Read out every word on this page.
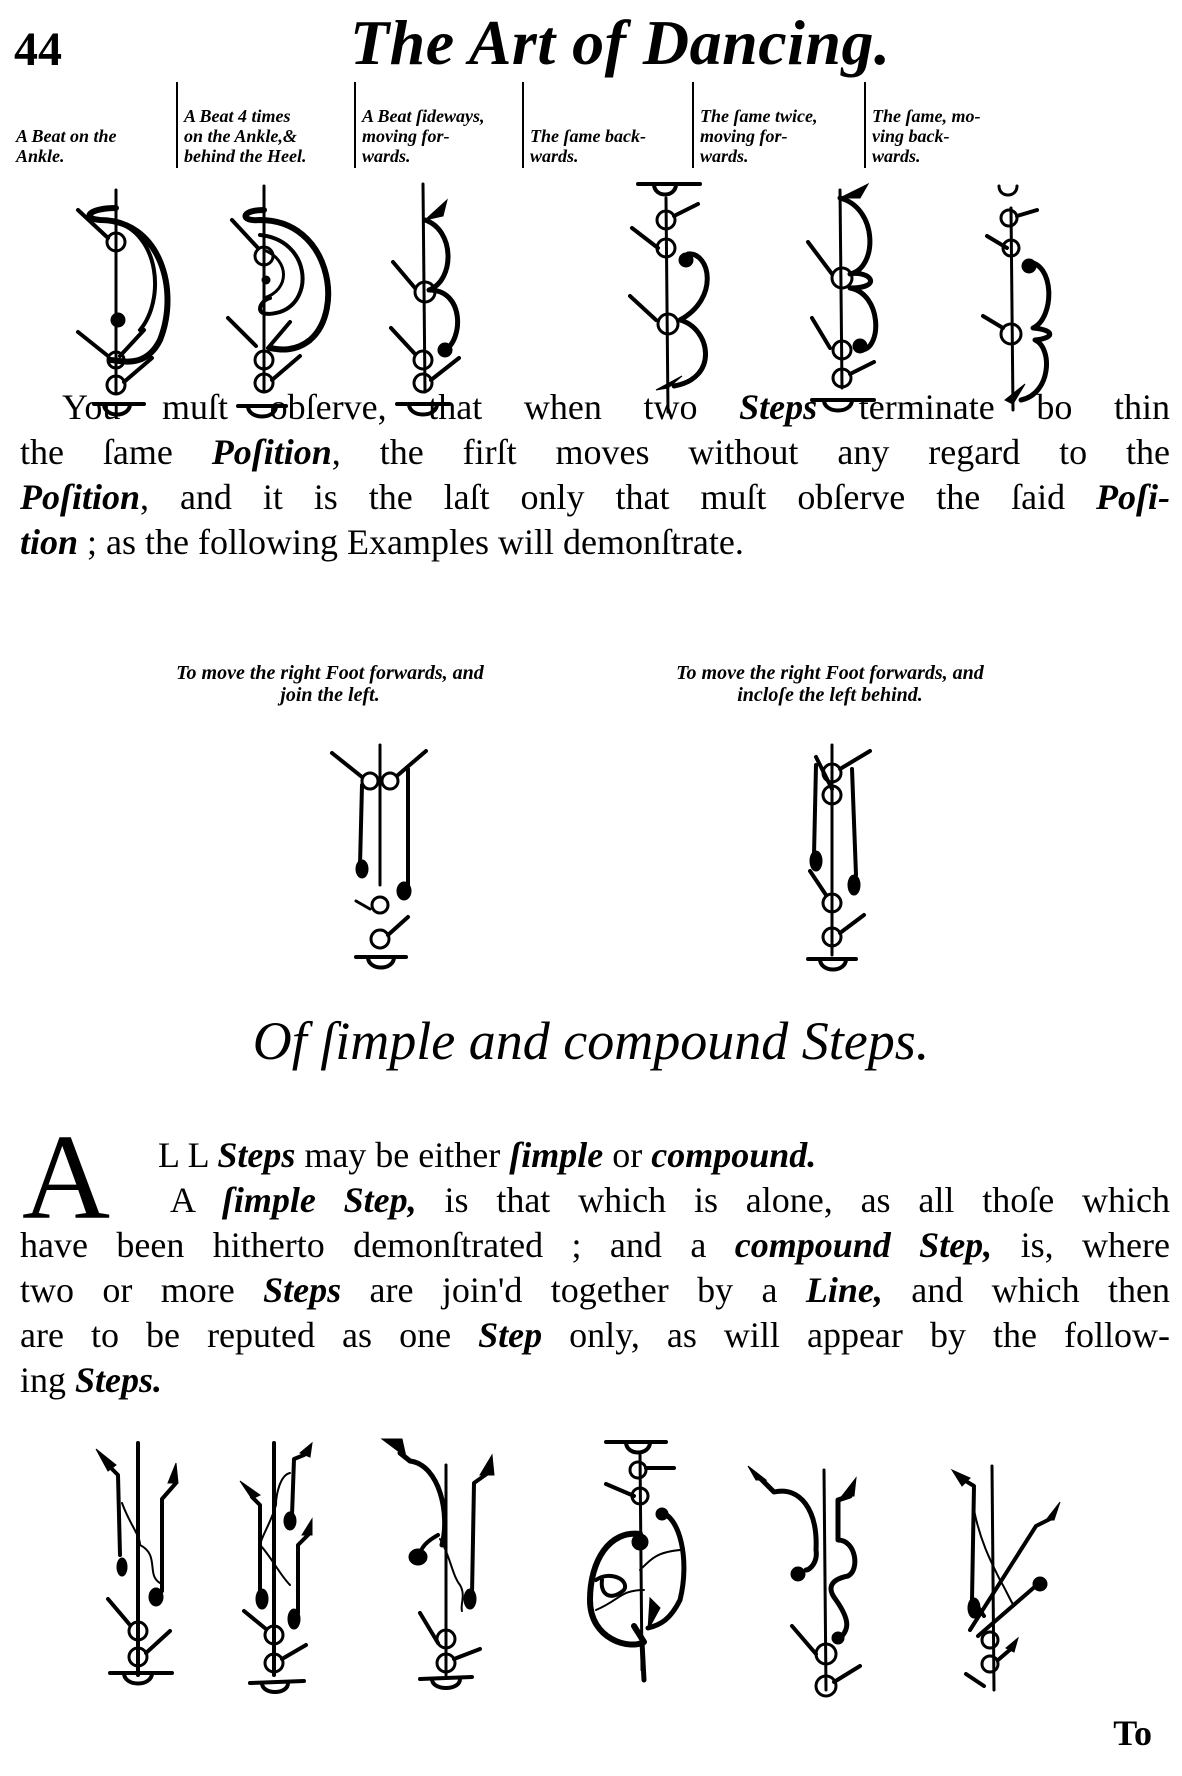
44	The Art of Dancing.
A Beat on the
Ankle.
A Beat 4 times
on the Ankle,&
behind the Heel.
A Beat ſideways,
moving for-
wards.
The ſame back-
wards.
The ſame twice,
moving for-
wards.
The ſame, mo-
ving back-
wards.
You muſt obſerve, that when two Steps terminate bo thin
the ſame Poſition, the firſt moves without any regard to the
Poſition, and it is the laſt only that muſt obſerve the ſaid Poſi-
tion ; as the following Examples will demonſtrate.
To move the right Foot forwards, and
join the left.
To move the right Foot forwards, and
incloſe the left behind.
Of ſimple and compound Steps.
A	L L Steps may be either ſimple or compound.
A ſimple Step, is that which is alone, as all thoſe which
have been hitherto demonſtrated ; and a compound Step, is, where
two or more Steps are join'd together by a Line, and which then
are to be reputed as one Step only, as will appear by the follow-
ing Steps.
To
